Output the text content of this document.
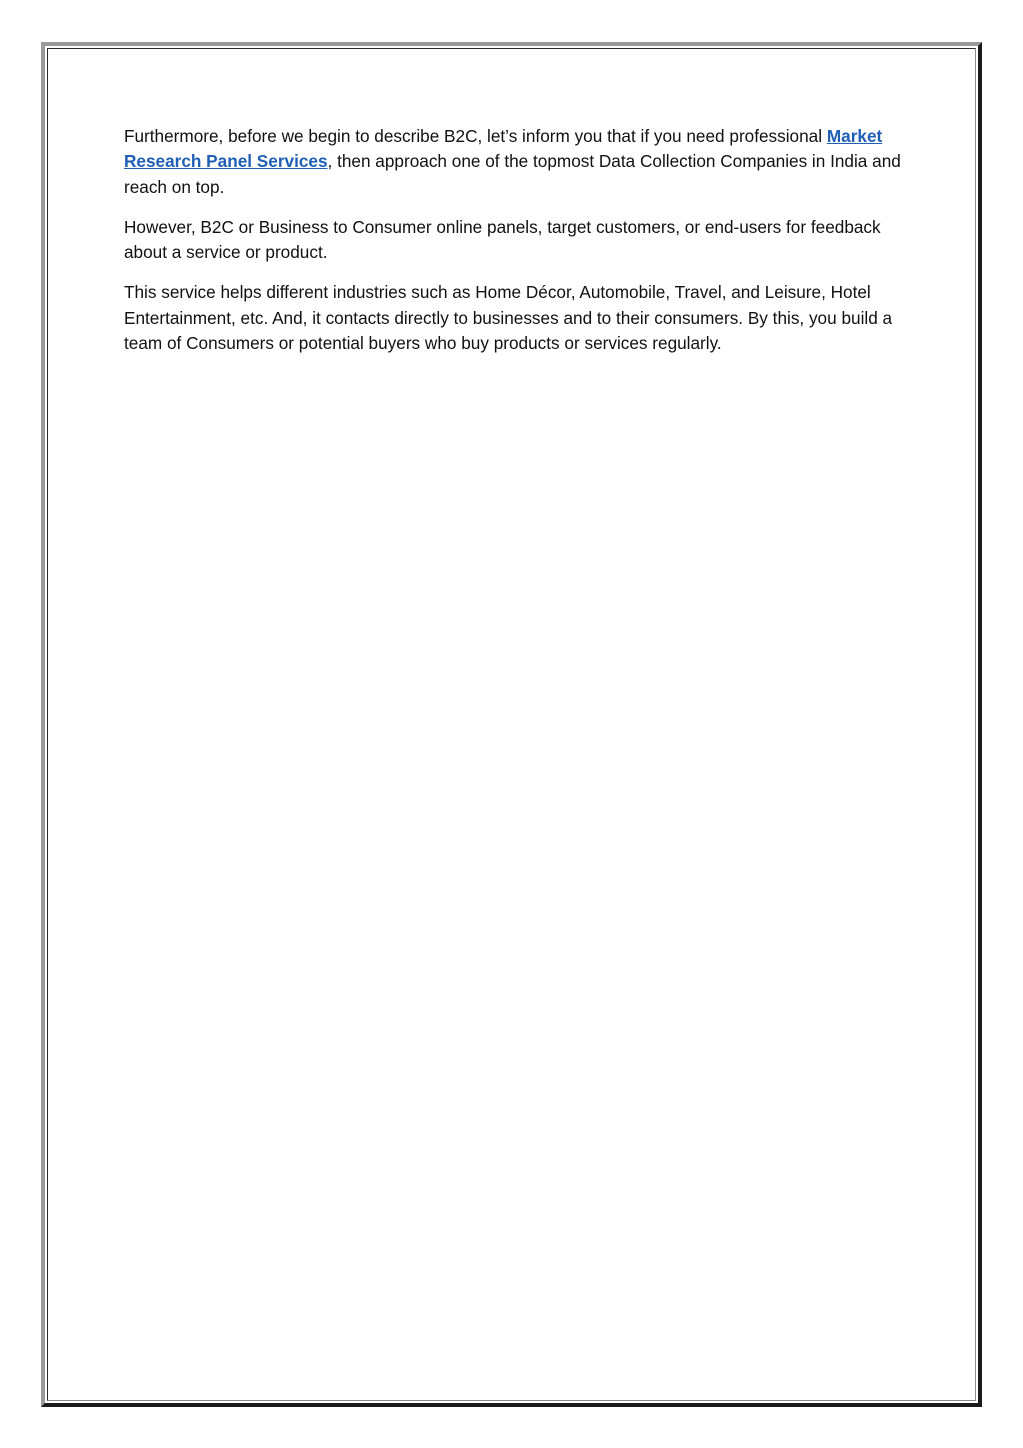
Furthermore, before we begin to describe B2C, let’s inform you that if you need professional Market Research Panel Services, then approach one of the topmost Data Collection Companies in India and reach on top.

However, B2C or Business to Consumer online panels, target customers, or end-users for feedback about a service or product.

This service helps different industries such as Home Décor, Automobile, Travel, and Leisure, Hotel Entertainment, etc. And, it contacts directly to businesses and to their consumers. By this, you build a team of Consumers or potential buyers who buy products or services regularly.
